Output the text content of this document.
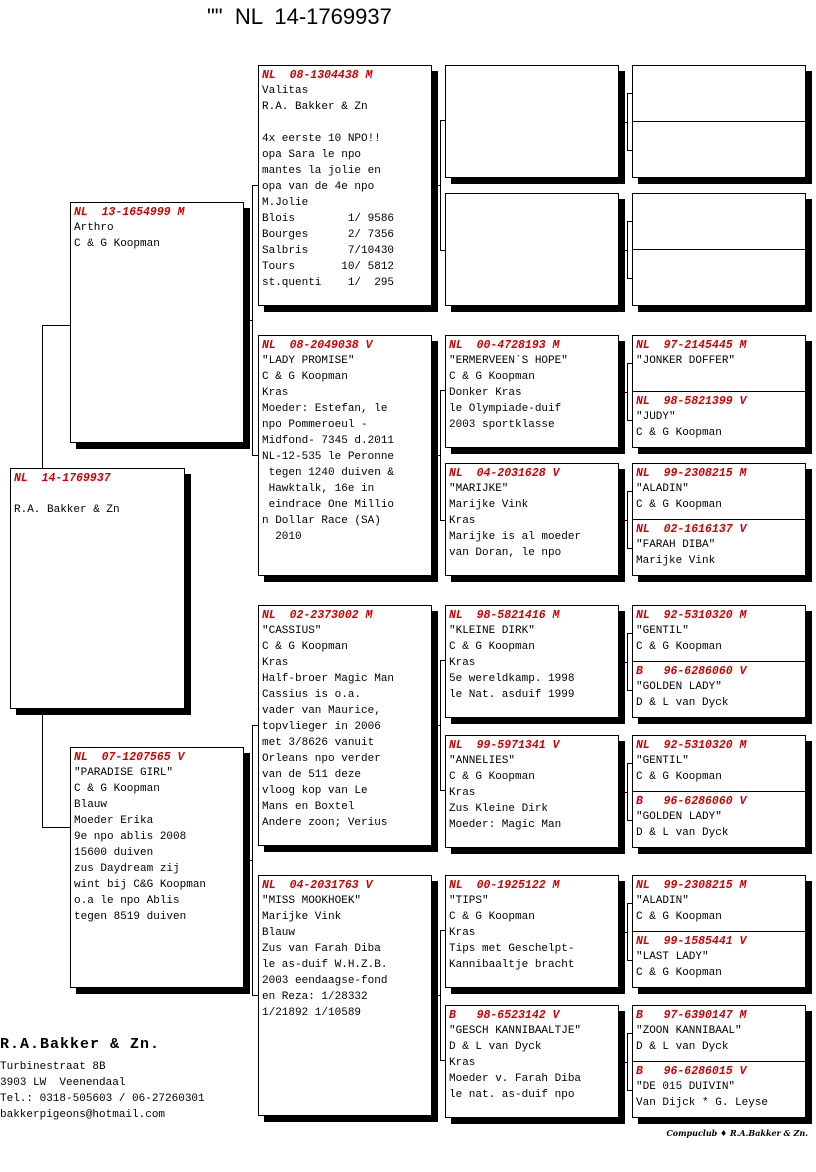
""  NL  14-1769937
NL  14-1769937

R.A. Bakker & Zn
NL  13-1654999 M
Arthro
C & G Koopman
NL  07-1207565 V
"PARADISE GIRL"
C & G Koopman
Blauw
Moeder Erika
9e npo ablis 2008
15600 duiven
zus Daydream zij
wint bij C&G Koopman
o.a le npo Ablis
tegen 8519 duiven
NL  08-1304438 M
Valitas
R.A. Bakker & Zn

4x eerste 10 NPO!!
opa Sara le npo
mantes la jolie en
opa van de 4e npo
M.Jolie
Blois        1/ 9586
Bourges      2/ 7356
Salbris      7/10430
Tours       10/ 5812
st.quenti    1/  295
NL  08-2049038 V
"LADY PROMISE"
C & G Koopman
Kras
Moeder: Estefan, le
npo Pommeroeul -
Midfond- 7345 d.2011
NL-12-535 le Peronne
tegen 1240 duiven &
Hawktalk, 16e in
eindrace One Millio
n Dollar Race (SA)
2010
NL  02-2373002 M
"CASSIUS"
C & G Koopman
Kras
Half-broer Magic Man
Cassius is o.a.
vader van Maurice,
topvlieger in 2006
met 3/8626 vanuit
Orleans npo verder
van de 511 deze
vloog kop van Le
Mans en Boxtel
Andere zoon; Verius
NL  04-2031763 V
"MISS MOOKHOEK"
Marijke Vink
Blauw
Zus van Farah Diba
le as-duif W.H.Z.B.
2003 eendaagse-fond
en Reza: 1/28332
1/21892 1/10589
NL  00-4728193 M
"ERMERVEEN`S HOPE"
C & G Koopman
Donker Kras
le Olympiade-duif
2003 sportklasse
NL  04-2031628 V
"MARIJKE"
Marijke Vink
Kras
Marijke is al moeder
van Doran, le npo
NL  98-5821416 M
"KLEINE DIRK"
C & G Koopman
Kras
5e wereldkamp. 1998
le Nat. asduif 1999
NL  99-5971341 V
"ANNELIES"
C & G Koopman
Kras
Zus Kleine Dirk
Moeder: Magic Man
NL  00-1925122 M
"TIPS"
C & G Koopman
Kras
Tips met Geschelpt-
Kannibaaltje bracht
B   98-6523142 V
"GESCH KANNIBAALTJE"
D & L van Dyck
Kras
Moeder v. Farah Diba
le nat. as-duif npo
NL  97-2145445 M
"JONKER DOFFER"
NL  98-5821399 V
"JUDY"
C & G Koopman
NL  99-2308215 M
"ALADIN"
C & G Koopman
NL  02-1616137 V
"FARAH DIBA"
Marijke Vink
NL  92-5310320 M
"GENTIL"
C & G Koopman
B   96-6286060 V
"GOLDEN LADY"
D & L van Dyck
NL  92-5310320 M
"GENTIL"
C & G Koopman
B   96-6286060 V
"GOLDEN LADY"
D & L van Dyck
NL  99-2308215 M
"ALADIN"
C & G Koopman
NL  99-1585441 V
"LAST LADY"
C & G Koopman
B   97-6390147 M
"ZOON KANNIBAAL"
D & L van Dyck
B   96-6286015 V
"DE 015 DUIVIN"
Van Dijck * G. Leyse
R.A.Bakker & Zn.
Turbinestraat 8B
3903 LW  Veenendaal
Tel.: 0318-505603 / 06-27260301
bakkerpigeons@hotmail.com
Compuclub ♦ R.A.Bakker & Zn.
